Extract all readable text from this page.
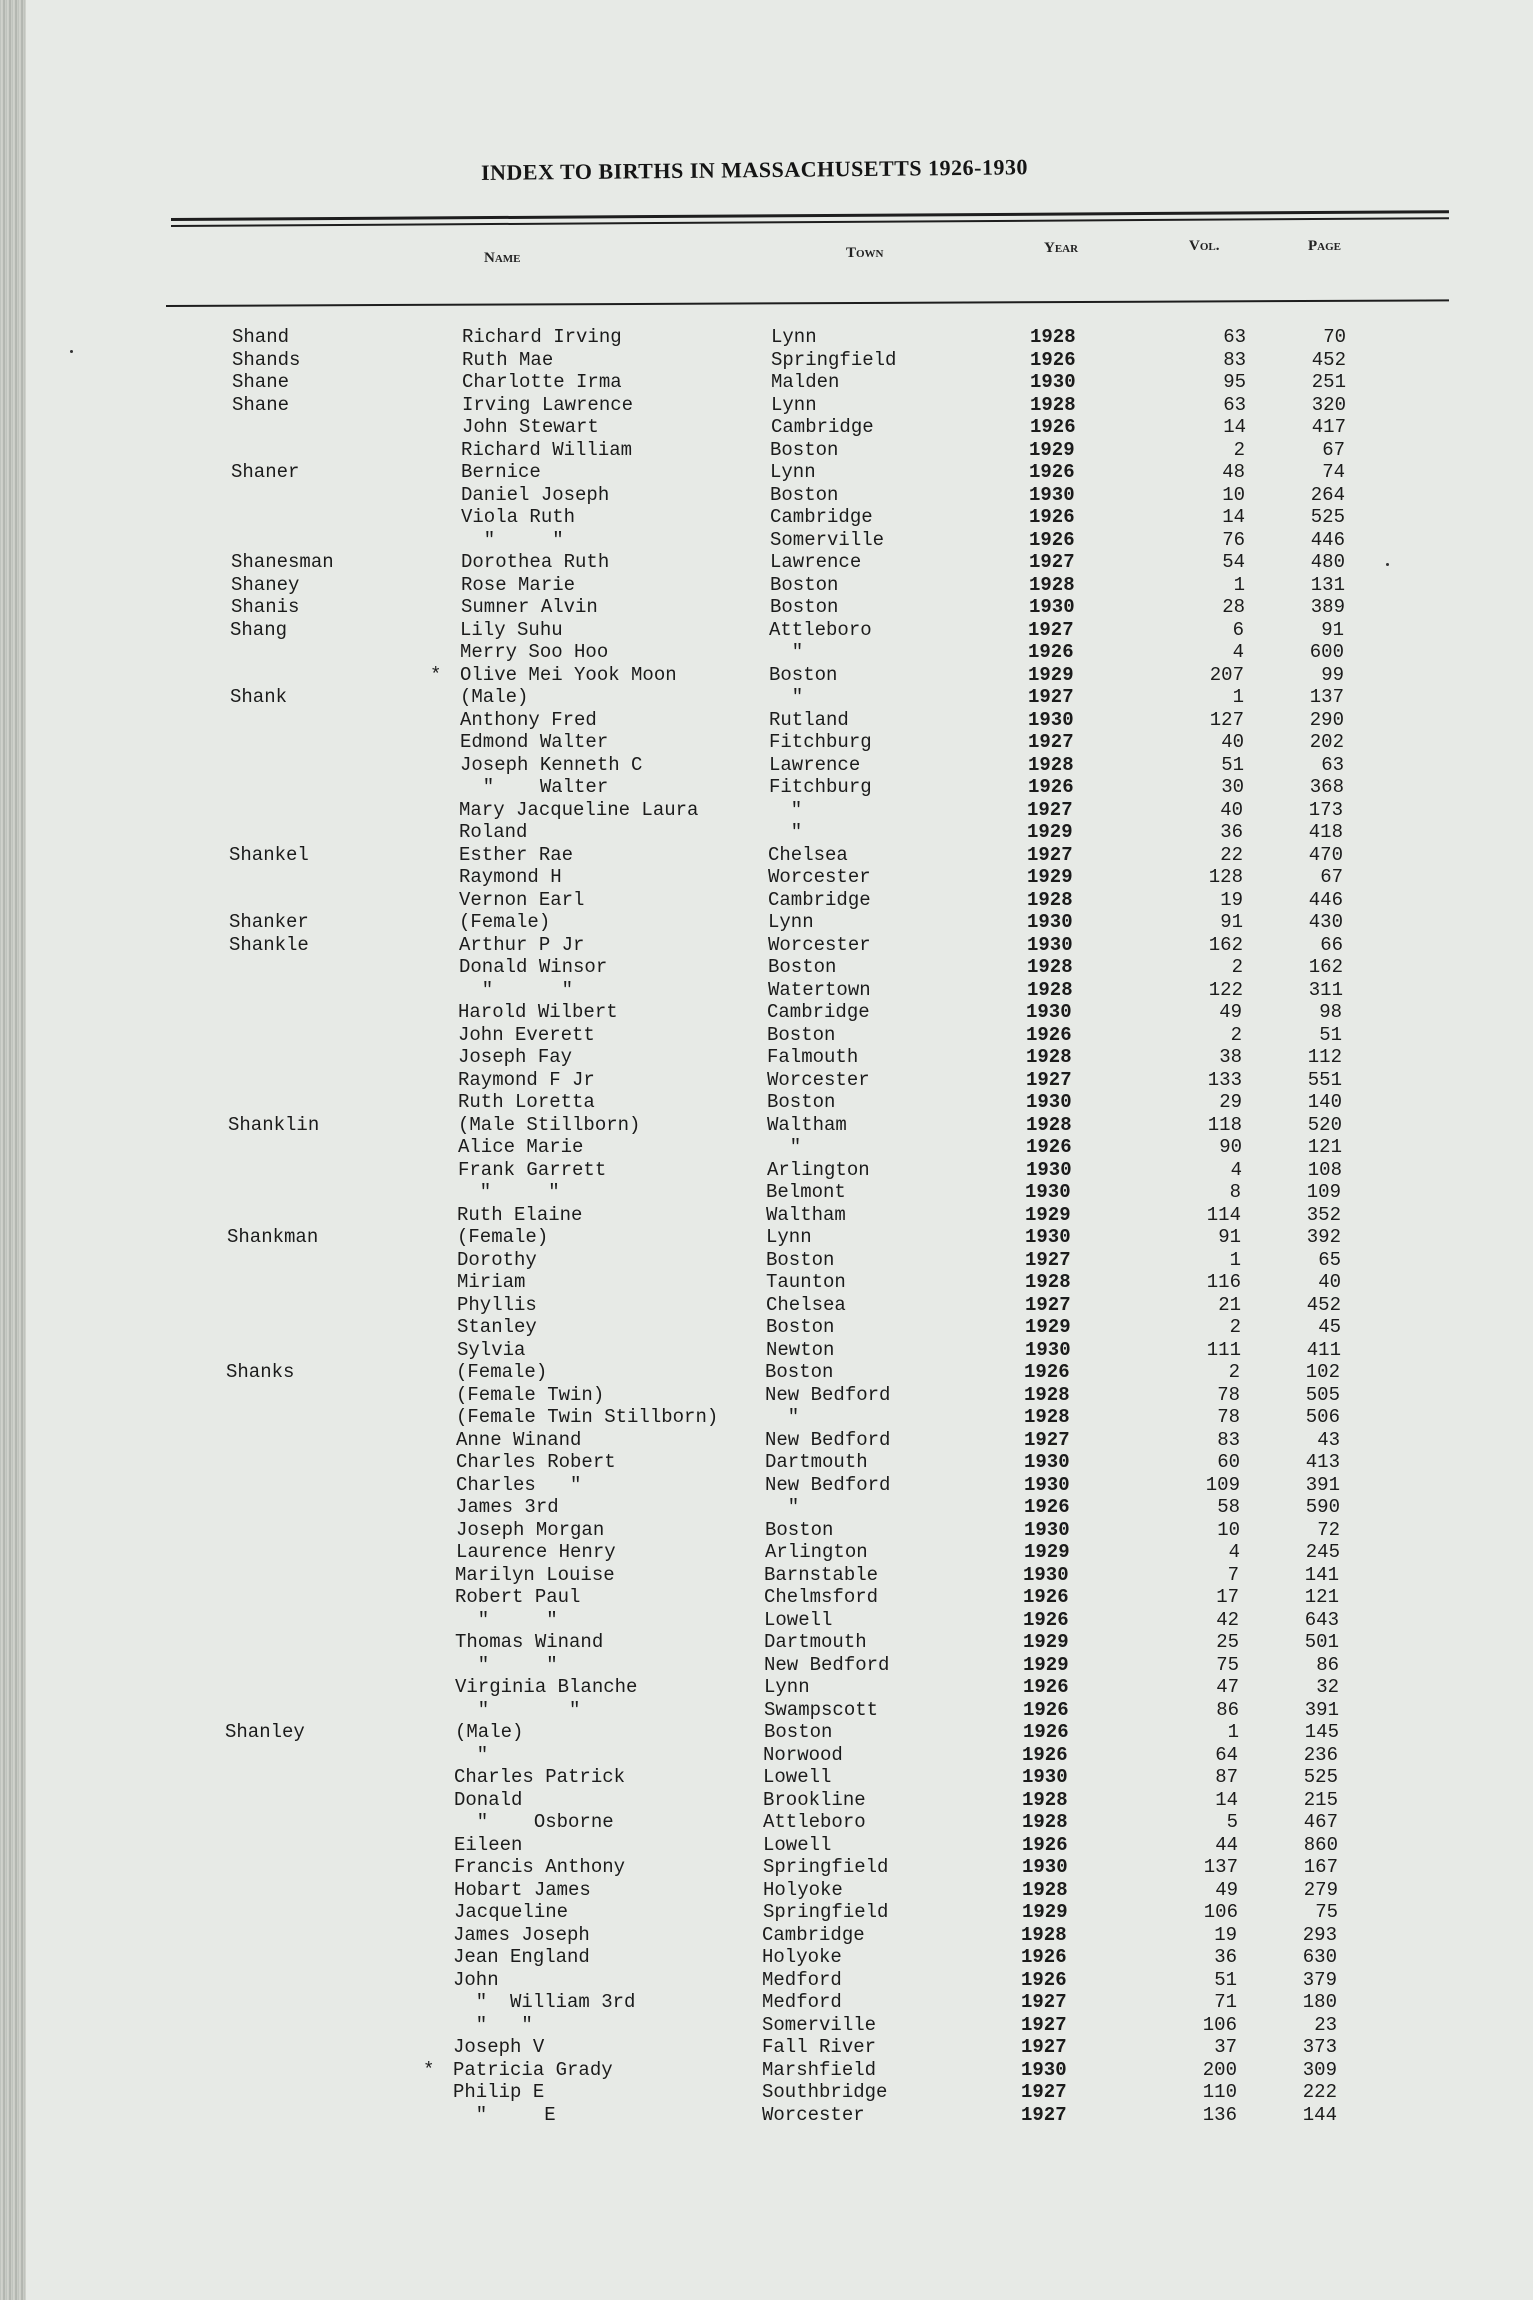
INDEX TO BIRTHS IN MASSACHUSETTS 1926-1930
Name	Town	Year	Vol.	Page
Shand	Richard Irving	Lynn	1928	63	70
Shands	Ruth Mae	Springfield	1926	83	452
Shane	Charlotte Irma	Malden	1930	95	251
Shane	Irving Lawrence	Lynn	1928	63	320
John Stewart	Cambridge	1926	14	417
Richard William	Boston	1929	2	67
Shaner	Bernice	Lynn	1926	48	74
Daniel Joseph	Boston	1930	10	264
Viola Ruth	Cambridge	1926	14	525
"     "	Somerville	1926	76	446
Shanesman	Dorothea Ruth	Lawrence	1927	54	480
Shaney	Rose Marie	Boston	1928	1	131
Shanis	Sumner Alvin	Boston	1930	28	389
Shang	Lily Suhu	Attleboro	1927	6	91
Merry Soo Hoo	"	1926	4	600
* Olive Mei Yook Moon	Boston	1929	207	99
Shank	(Male)	"	1927	1	137
Anthony Fred	Rutland	1930	127	290
Edmond Walter	Fitchburg	1927	40	202
Joseph Kenneth C	Lawrence	1928	51	63
"    Walter	Fitchburg	1926	30	368
Mary Jacqueline Laura	"	1927	40	173
Roland	"	1929	36	418
Shankel	Esther Rae	Chelsea	1927	22	470
Raymond H	Worcester	1929	128	67
Vernon Earl	Cambridge	1928	19	446
Shanker	(Female)	Lynn	1930	91	430
Shankle	Arthur P Jr	Worcester	1930	162	66
Donald Winsor	Boston	1928	2	162
"      "	Watertown	1928	122	311
Harold Wilbert	Cambridge	1930	49	98
John Everett	Boston	1926	2	51
Joseph Fay	Falmouth	1928	38	112
Raymond F Jr	Worcester	1927	133	551
Ruth Loretta	Boston	1930	29	140
Shanklin	(Male Stillborn)	Waltham	1928	118	520
Alice Marie	"	1926	90	121
Frank Garrett	Arlington	1930	4	108
"     "	Belmont	1930	8	109
Ruth Elaine	Waltham	1929	114	352
Shankman	(Female)	Lynn	1930	91	392
Dorothy	Boston	1927	1	65
Miriam	Taunton	1928	116	40
Phyllis	Chelsea	1927	21	452
Stanley	Boston	1929	2	45
Sylvia	Newton	1930	111	411
Shanks	(Female)	Boston	1926	2	102
(Female Twin)	New Bedford	1928	78	505
(Female Twin Stillborn) "	1928	78	506
Anne Winand	New Bedford	1927	83	43
Charles Robert	Dartmouth	1930	60	413
Charles   "	New Bedford	1930	109	391
James 3rd	"	1926	58	590
Joseph Morgan	Boston	1930	10	72
Laurence Henry	Arlington	1929	4	245
Marilyn Louise	Barnstable	1930	7	141
Robert Paul	Chelmsford	1926	17	121
"     "	Lowell	1926	42	643
Thomas Winand	Dartmouth	1929	25	501
"     "	New Bedford	1929	75	86
Virginia Blanche	Lynn	1926	47	32
"       "	Swampscott	1926	86	391
Shanley	(Male)	Boston	1926	1	145
"	Norwood	1926	64	236
Charles Patrick	Lowell	1930	87	525
Donald	Brookline	1928	14	215
"    Osborne	Attleboro	1928	5	467
Eileen	Lowell	1926	44	860
Francis Anthony	Springfield	1930	137	167
Hobart James	Holyoke	1928	49	279
Jacqueline	Springfield	1929	106	75
James Joseph	Cambridge	1928	19	293
Jean England	Holyoke	1926	36	630
John	Medford	1926	51	379
"  William 3rd	Medford	1927	71	180
"   "	Somerville	1927	106	23
Joseph V	Fall River	1927	37	373
* Patricia Grady	Marshfield	1930	200	309
Philip E	Southbridge	1927	110	222
"     E	Worcester	1927	136	144
